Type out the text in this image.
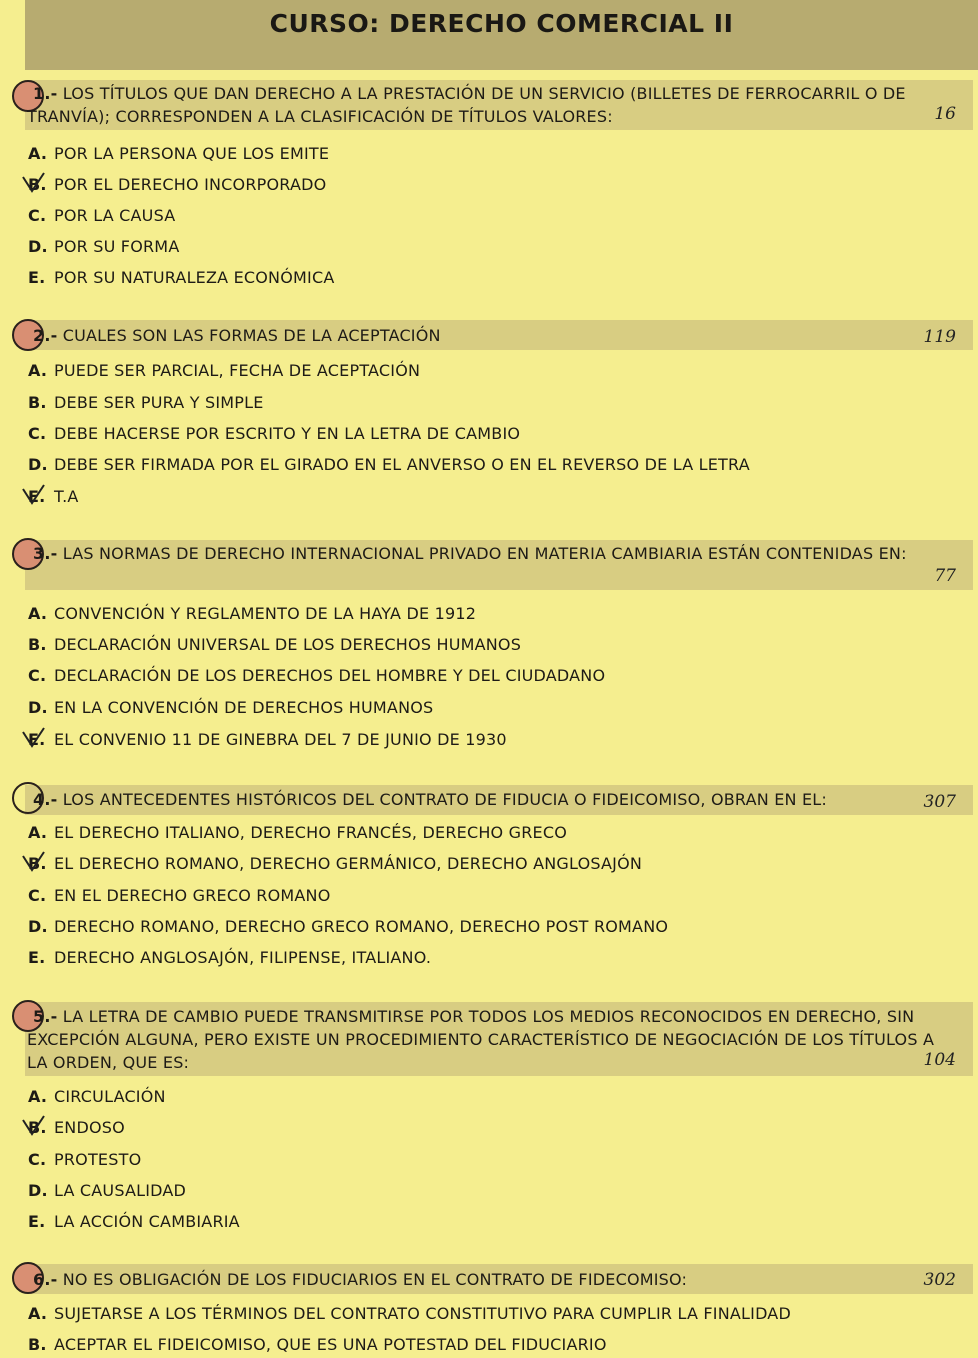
CURSO: DERECHO COMERCIAL II
1.- LOS TÍTULOS QUE DAN DERECHO A LA PRESTACIÓN DE UN SERVICIO (BILLETES DE FERROCARRIL O DE TRANVÍA); CORRESPONDEN A LA CLASIFICACIÓN DE TÍTULOS VALORES:	16
A. POR LA PERSONA QUE LOS EMITE
B. POR EL DERECHO INCORPORADO
C. POR LA CAUSA
D. POR SU FORMA
E. POR SU NATURALEZA ECONÓMICA
2.- CUALES SON LAS FORMAS DE LA ACEPTACIÓN	119
A. PUEDE SER PARCIAL, FECHA DE ACEPTACIÓN
B. DEBE SER PURA Y SIMPLE
C. DEBE HACERSE POR ESCRITO Y EN LA LETRA DE CAMBIO
D. DEBE SER FIRMADA POR EL GIRADO EN EL ANVERSO O EN EL REVERSO DE LA LETRA
E. T.A
3.- LAS NORMAS DE DERECHO INTERNACIONAL PRIVADO EN MATERIA CAMBIARIA ESTÁN CONTENIDAS EN:
77
A. CONVENCIÓN Y REGLAMENTO DE LA HAYA DE 1912
B. DECLARACIÓN UNIVERSAL DE LOS DERECHOS HUMANOS
C. DECLARACIÓN DE LOS DERECHOS DEL HOMBRE Y DEL CIUDADANO
D. EN LA CONVENCIÓN DE DERECHOS HUMANOS
E. EL CONVENIO 11 DE GINEBRA DEL 7 DE JUNIO DE 1930
4.- LOS ANTECEDENTES HISTÓRICOS DEL CONTRATO DE FIDUCIA O FIDEICOMISO, OBRAN EN EL:	307
A. EL DERECHO ITALIANO, DERECHO FRANCÉS, DERECHO GRECO
B. EL DERECHO ROMANO, DERECHO GERMÁNICO, DERECHO ANGLOSAJÓN
C. EN EL DERECHO GRECO ROMANO
D. DERECHO ROMANO, DERECHO GRECO ROMANO, DERECHO POST ROMANO
E. DERECHO ANGLOSAJÓN, FILIPENSE, ITALIANO.
5.- LA LETRA DE CAMBIO PUEDE TRANSMITIRSE POR TODOS LOS MEDIOS RECONOCIDOS EN DERECHO, SIN EXCEPCIÓN ALGUNA, PERO EXISTE UN PROCEDIMIENTO CARACTERÍSTICO DE NEGOCIACIÓN DE LOS TÍTULOS A LA ORDEN, QUE ES:	104
A. CIRCULACIÓN
B. ENDOSO
C. PROTESTO
D. LA CAUSALIDAD
E. LA ACCIÓN CAMBIARIA
6.- NO ES OBLIGACIÓN DE LOS FIDUCIARIOS EN EL CONTRATO DE FIDECOMISO:	302
A. SUJETARSE A LOS TÉRMINOS DEL CONTRATO CONSTITUTIVO PARA CUMPLIR LA FINALIDAD
B. ACEPTAR EL FIDEICOMISO, QUE ES UNA POTESTAD DEL FIDUCIARIO
